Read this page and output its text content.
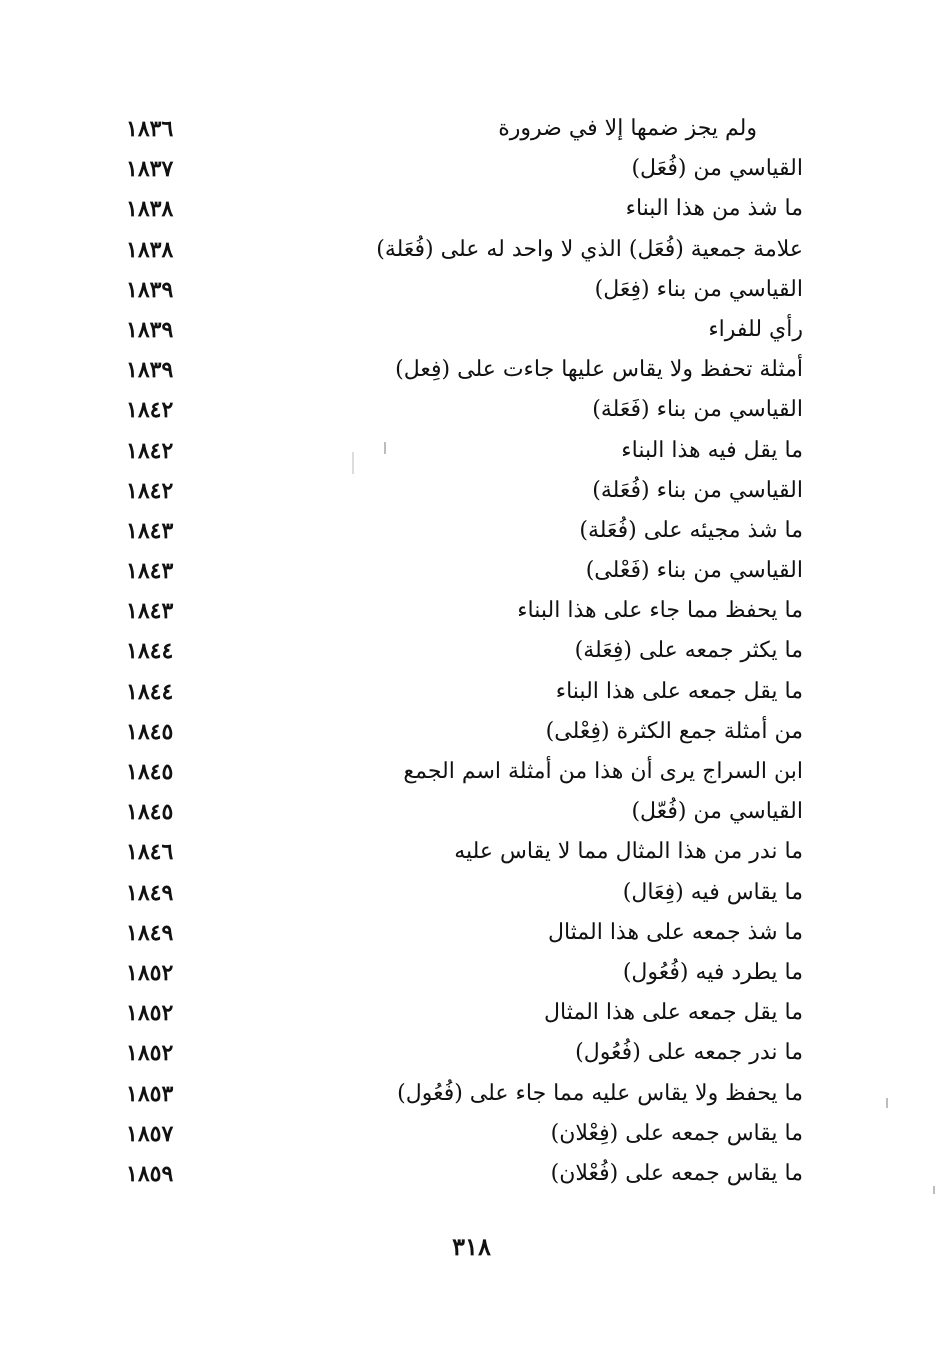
ولم يجز ضمها إلا في ضرورة
١٨٣٦
القياسي من (فُعَل)
١٨٣٧
ما شذ من هذا البناء
١٨٣٨
علامة جمعية (فُعَل) الذي لا واحد له على (فُعَلة)
١٨٣٨
القياسي من بناء (فِعَل)
١٨٣٩
رأي للفراء
١٨٣٩
أمثلة تحفظ ولا يقاس عليها جاءت على (فِعل)
١٨٣٩
القياسي من بناء (فَعَلة)
١٨٤٢
ما يقل فيه هذا البناء
١٨٤٢
القياسي من بناء (فُعَلة)
١٨٤٢
ما شذ مجيئه على (فُعَلة)
١٨٤٣
القياسي من بناء (فَعْلى)
١٨٤٣
ما يحفظ مما جاء على هذا البناء
١٨٤٣
ما يكثر جمعه على (فِعَلة)
١٨٤٤
ما يقل جمعه على هذا البناء
١٨٤٤
من أمثلة جمع الكثرة (فِعْلى)
١٨٤٥
ابن السراج يرى أن هذا من أمثلة اسم الجمع
١٨٤٥
القياسي من (فُعّل)
١٨٤٥
ما ندر من هذا المثال مما لا يقاس عليه
١٨٤٦
ما يقاس فيه (فِعَال)
١٨٤٩
ما شذ جمعه على هذا المثال
١٨٤٩
ما يطرد فيه (فُعُول)
١٨٥٢
ما يقل جمعه على هذا المثال
١٨٥٢
ما ندر جمعه على (فُعُول)
١٨٥٢
ما يحفظ ولا يقاس عليه مما جاء على (فُعُول)
١٨٥٣
ما يقاس جمعه على (فِعْلان)
١٨٥٧
ما يقاس جمعه على (فُعْلان)
١٨٥٩
٣١٨
